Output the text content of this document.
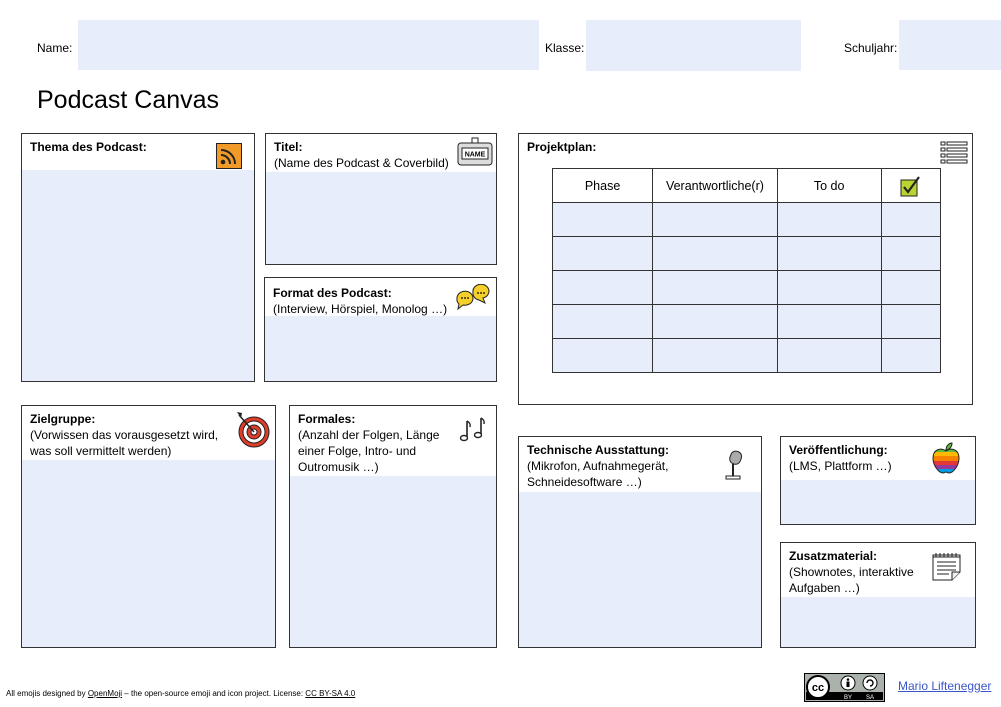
Name:	Klasse:	Schuljahr:
Podcast Canvas
Thema des Podcast:	Titel:
(Name des Podcast & Coverbild)
NAME
Format des Podcast:
(Interview, Hörspiel, Monolog …)
Zielgruppe:
(Vorwissen das vorausgesetzt wird, was soll vermittelt werden)
Formales:
(Anzahl der Folgen, Länge einer Folge, Intro- und Outromusik …)
Projektplan:
Phase	Verantwortliche(r)	To do	

Technische Ausstattung:
(Mikrofon, Aufnahmegerät, Schneidesoftware …)
Veröffentlichung:
(LMS, Plattform …)
Zusatzmaterial:
(Shownotes, interaktive Aufgaben …)
All emojis designed by OpenMoji – the open-source emoji and icon project. License: CC BY-SA 4.0	cc
BY SA
Mario Liftenegger
